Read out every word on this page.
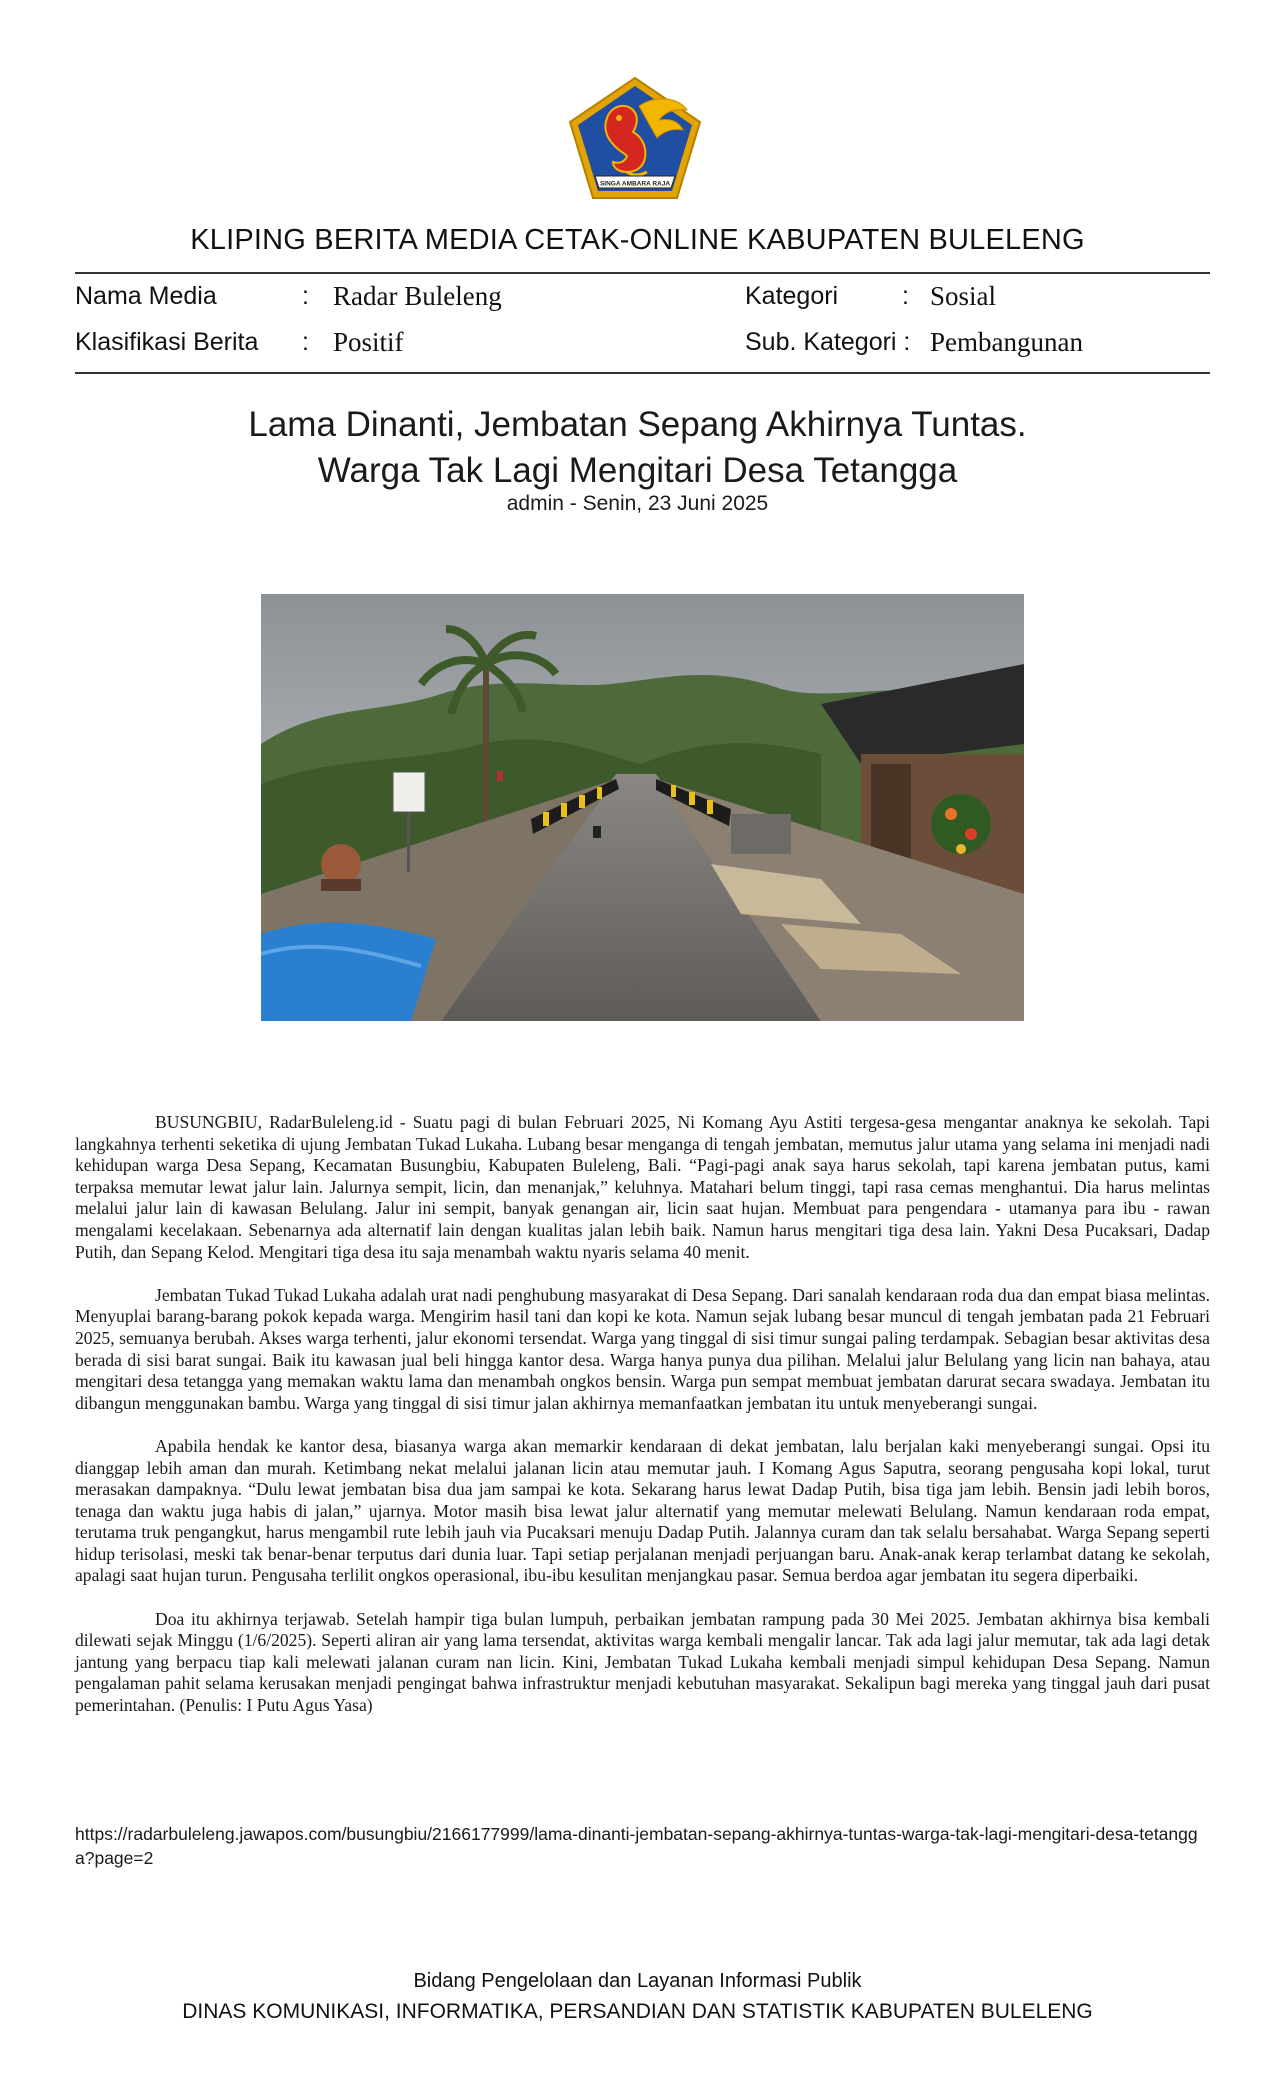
SINGA AMBARA RAJA
KLIPING BERITA MEDIA CETAK-ONLINE KABUPATEN BULELENG
Nama Media	: Radar Buleleng	Kategori	: Sosial
Klasifikasi Berita : Positif	Sub. Kategori : Pembangunan
Lama Dinanti, Jembatan Sepang Akhirnya Tuntas.
Warga Tak Lagi Mengitari Desa Tetangga
admin - Senin, 23 Juni 2025

BUSUNGBIU, RadarBuleleng.id - Suatu pagi di bulan Februari 2025, Ni Komang Ayu Astiti tergesa-gesa mengantar anaknya ke sekolah. Tapi langkahnya terhenti seketika di ujung Jembatan Tukad Lukaha. Lubang besar menganga di tengah jembatan, memutus jalur utama yang selama ini menjadi nadi kehidupan warga Desa Sepang, Kecamatan Busungbiu, Kabupaten Buleleng, Bali. “Pagi-pagi anak saya harus sekolah, tapi karena jembatan putus, kami terpaksa memutar lewat jalur lain. Jalurnya sempit, licin, dan menanjak,” keluhnya. Matahari belum tinggi, tapi rasa cemas menghantui. Dia harus melintas melalui jalur lain di kawasan Belulang. Jalur ini sempit, banyak genangan air, licin saat hujan. Membuat para pengendara - utamanya para ibu - rawan mengalami kecelakaan. Sebenarnya ada alternatif lain dengan kualitas jalan lebih baik. Namun harus mengitari tiga desa lain. Yakni Desa Pucaksari, Dadap Putih, dan Sepang Kelod. Mengitari tiga desa itu saja menambah waktu nyaris selama 40 menit.

Jembatan Tukad Tukad Lukaha adalah urat nadi penghubung masyarakat di Desa Sepang. Dari sanalah kendaraan roda dua dan empat biasa melintas. Menyuplai barang-barang pokok kepada warga. Mengirim hasil tani dan kopi ke kota. Namun sejak lubang besar muncul di tengah jembatan pada 21 Februari 2025, semuanya berubah. Akses warga terhenti, jalur ekonomi tersendat. Warga yang tinggal di sisi timur sungai paling terdampak. Sebagian besar aktivitas desa berada di sisi barat sungai. Baik itu kawasan jual beli hingga kantor desa. Warga hanya punya dua pilihan. Melalui jalur Belulang yang licin nan bahaya, atau mengitari desa tetangga yang memakan waktu lama dan menambah ongkos bensin. Warga pun sempat membuat jembatan darurat secara swadaya. Jembatan itu dibangun menggunakan bambu. Warga yang tinggal di sisi timur jalan akhirnya memanfaatkan jembatan itu untuk menyeberangi sungai.

Apabila hendak ke kantor desa, biasanya warga akan memarkir kendaraan di dekat jembatan, lalu berjalan kaki menyeberangi sungai. Opsi itu dianggap lebih aman dan murah. Ketimbang nekat melalui jalanan licin atau memutar jauh. I Komang Agus Saputra, seorang pengusaha kopi lokal, turut merasakan dampaknya. “Dulu lewat jembatan bisa dua jam sampai ke kota. Sekarang harus lewat Dadap Putih, bisa tiga jam lebih. Bensin jadi lebih boros, tenaga dan waktu juga habis di jalan,” ujarnya. Motor masih bisa lewat jalur alternatif yang memutar melewati Belulang. Namun kendaraan roda empat, terutama truk pengangkut, harus mengambil rute lebih jauh via Pucaksari menuju Dadap Putih. Jalannya curam dan tak selalu bersahabat. Warga Sepang seperti hidup terisolasi, meski tak benar-benar terputus dari dunia luar. Tapi setiap perjalanan menjadi perjuangan baru. Anak-anak kerap terlambat datang ke sekolah, apalagi saat hujan turun. Pengusaha terlilit ongkos operasional, ibu-ibu kesulitan menjangkau pasar. Semua berdoa agar jembatan itu segera diperbaiki.

Doa itu akhirnya terjawab. Setelah hampir tiga bulan lumpuh, perbaikan jembatan rampung pada 30 Mei 2025. Jembatan akhirnya bisa kembali dilewati sejak Minggu (1/6/2025). Seperti aliran air yang lama tersendat, aktivitas warga kembali mengalir lancar. Tak ada lagi jalur memutar, tak ada lagi detak jantung yang berpacu tiap kali melewati jalanan curam nan licin. Kini, Jembatan Tukad Lukaha kembali menjadi simpul kehidupan Desa Sepang. Namun pengalaman pahit selama kerusakan menjadi pengingat bahwa infrastruktur menjadi kebutuhan masyarakat. Sekalipun bagi mereka yang tinggal jauh dari pusat pemerintahan. (Penulis: I Putu Agus Yasa)

https://radarbuleleng.jawapos.com/busungbiu/2166177999/lama-dinanti-jembatan-sepang-akhirnya-tuntas-warga-tak-lagi-mengitari-desa-tetangga?page=2
Bidang Pengelolaan dan Layanan Informasi Publik
DINAS KOMUNIKASI, INFORMATIKA, PERSANDIAN DAN STATISTIK KABUPATEN BULELENG
